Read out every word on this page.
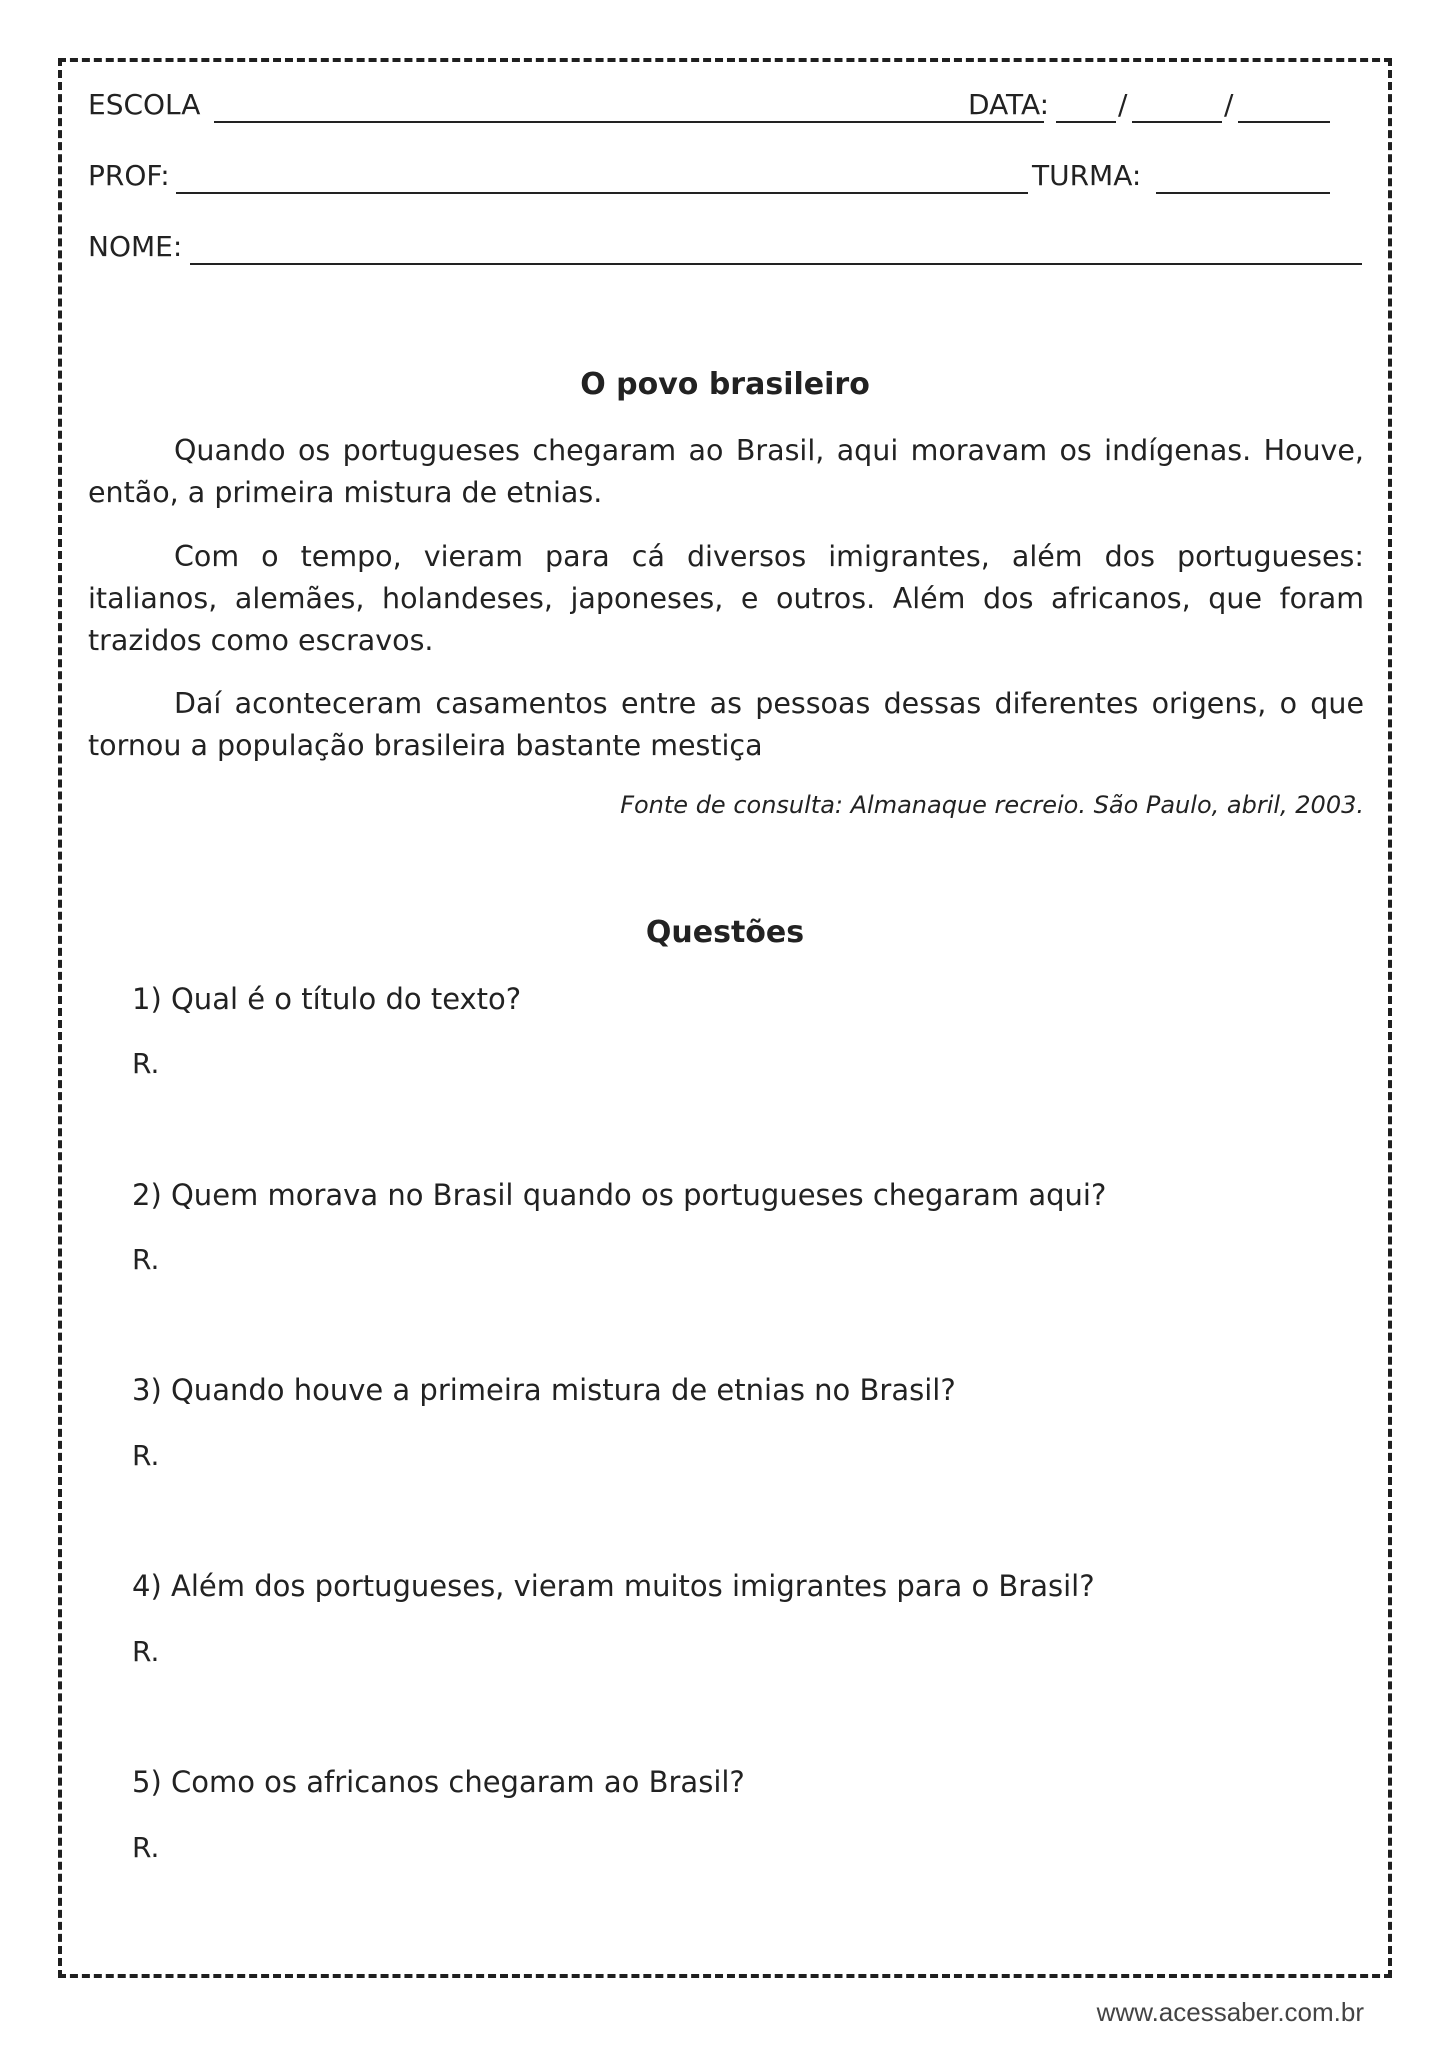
ESCOLA	DATA: /	/
PROF:	TURMA:
NOME:
O povo brasileiro
Quando os portugueses chegaram ao Brasil, aqui moravam os indígenas. Houve, então, a primeira mistura de etnias.
Com o tempo, vieram para cá diversos imigrantes, além dos portugueses: italianos, alemães, holandeses, japoneses, e outros. Além dos africanos, que foram trazidos como escravos.
Daí aconteceram casamentos entre as pessoas dessas diferentes origens, o que tornou a população brasileira bastante mestiça
Fonte de consulta: Almanaque recreio. São Paulo, abril, 2003.
Questões
1) Qual é o título do texto?
R.
2) Quem morava no Brasil quando os portugueses chegaram aqui?
R.
3) Quando houve a primeira mistura de etnias no Brasil?
R.
4) Além dos portugueses, vieram muitos imigrantes para o Brasil?
R.
5) Como os africanos chegaram ao Brasil?
R.
www.acessaber.com.br
